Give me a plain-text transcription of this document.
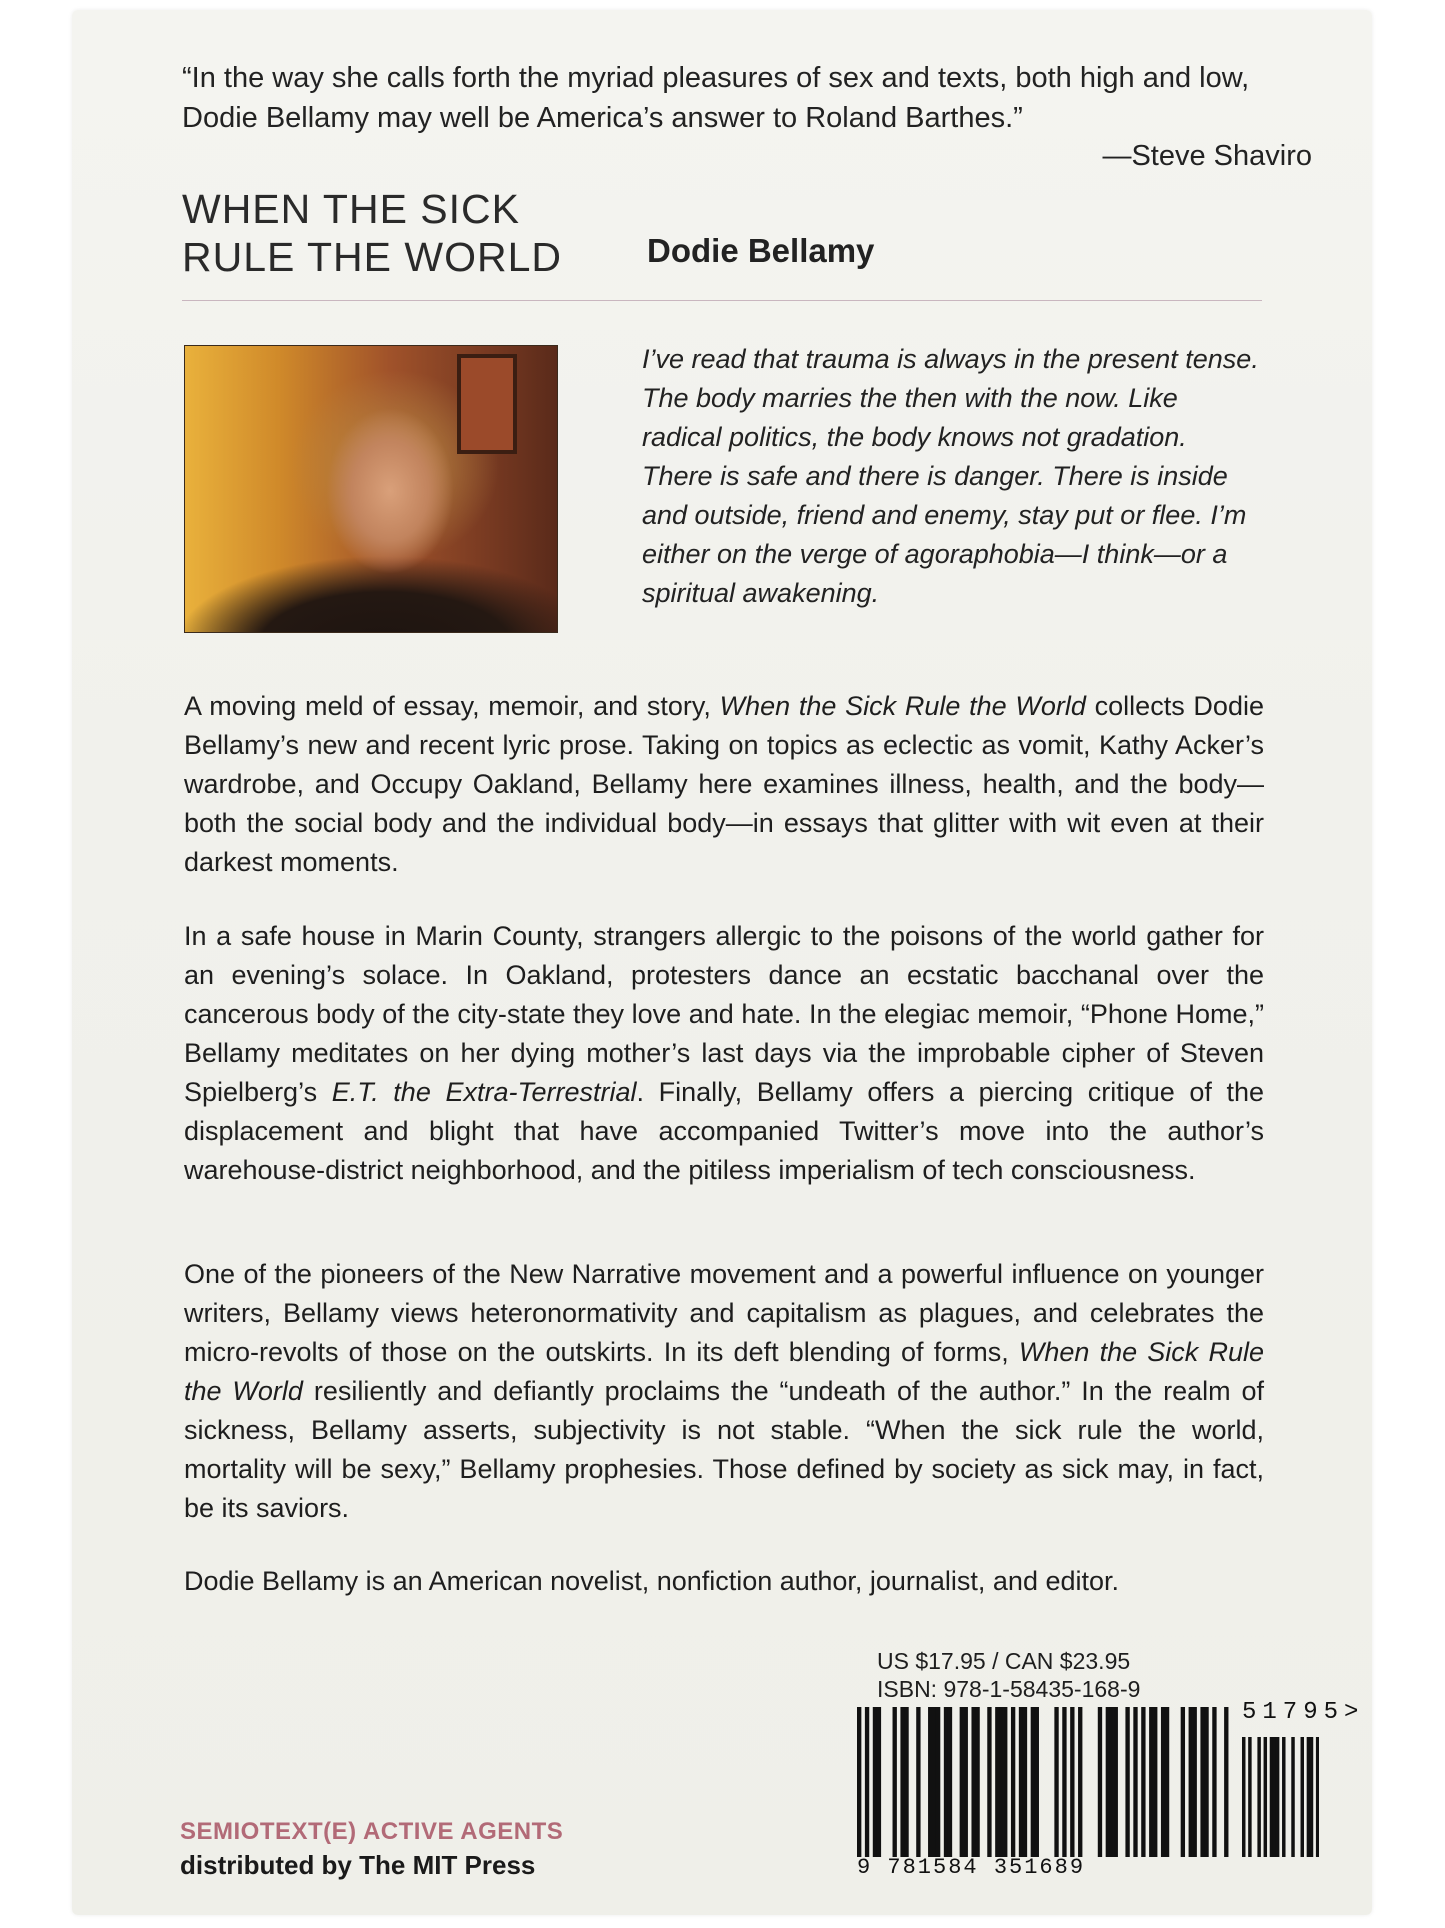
“In the way she calls forth the myriad pleasures of sex and texts, both high and low, Dodie Bellamy may well be America’s answer to Roland Barthes.”
—Steve Shaviro
WHEN THE SICK
RULE THE WORLD	Dodie Bellamy
I’ve read that trauma is always in the present tense. The body marries the then with the now. Like radical politics, the body knows not gradation. There is safe and there is danger. There is inside and outside, friend and enemy, stay put or flee. I’m either on the verge of agoraphobia—I think—or a spiritual awakening.
A moving meld of essay, memoir, and story, When the Sick Rule the World collects Dodie Bellamy’s new and recent lyric prose. Taking on topics as eclectic as vomit, Kathy Acker’s wardrobe, and Occupy Oakland, Bellamy here examines illness, health, and the body—both the social body and the individual body—in essays that glitter with wit even at their darkest moments.
In a safe house in Marin County, strangers allergic to the poisons of the world gather for an evening’s solace. In Oakland, protesters dance an ecstatic bacchanal over the cancerous body of the city-state they love and hate. In the elegiac memoir, “Phone Home,” Bellamy meditates on her dying mother’s last days via the improbable cipher of Steven Spielberg’s E.T. the Extra-Terrestrial. Finally, Bellamy offers a piercing critique of the displacement and blight that have accompanied Twitter’s move into the author’s warehouse-district neighborhood, and the pitiless imperialism of tech consciousness.
One of the pioneers of the New Narrative movement and a powerful influence on younger writers, Bellamy views heteronormativity and capitalism as plagues, and celebrates the micro-revolts of those on the outskirts. In its deft blending of forms, When the Sick Rule the World resiliently and defiantly proclaims the “undeath of the author.” In the realm of sickness, Bellamy asserts, subjectivity is not stable. “When the sick rule the world, mortality will be sexy,” Bellamy prophesies. Those defined by society as sick may, in fact, be its saviors.
Dodie Bellamy is an American novelist, nonfiction author, journalist, and editor.
US $17.95 / CAN $23.95
ISBN: 978-1-58435-168-9
51795>
9 781584 351689
SEMIOTEXT(E) ACTIVE AGENTS
distributed by The MIT Press
